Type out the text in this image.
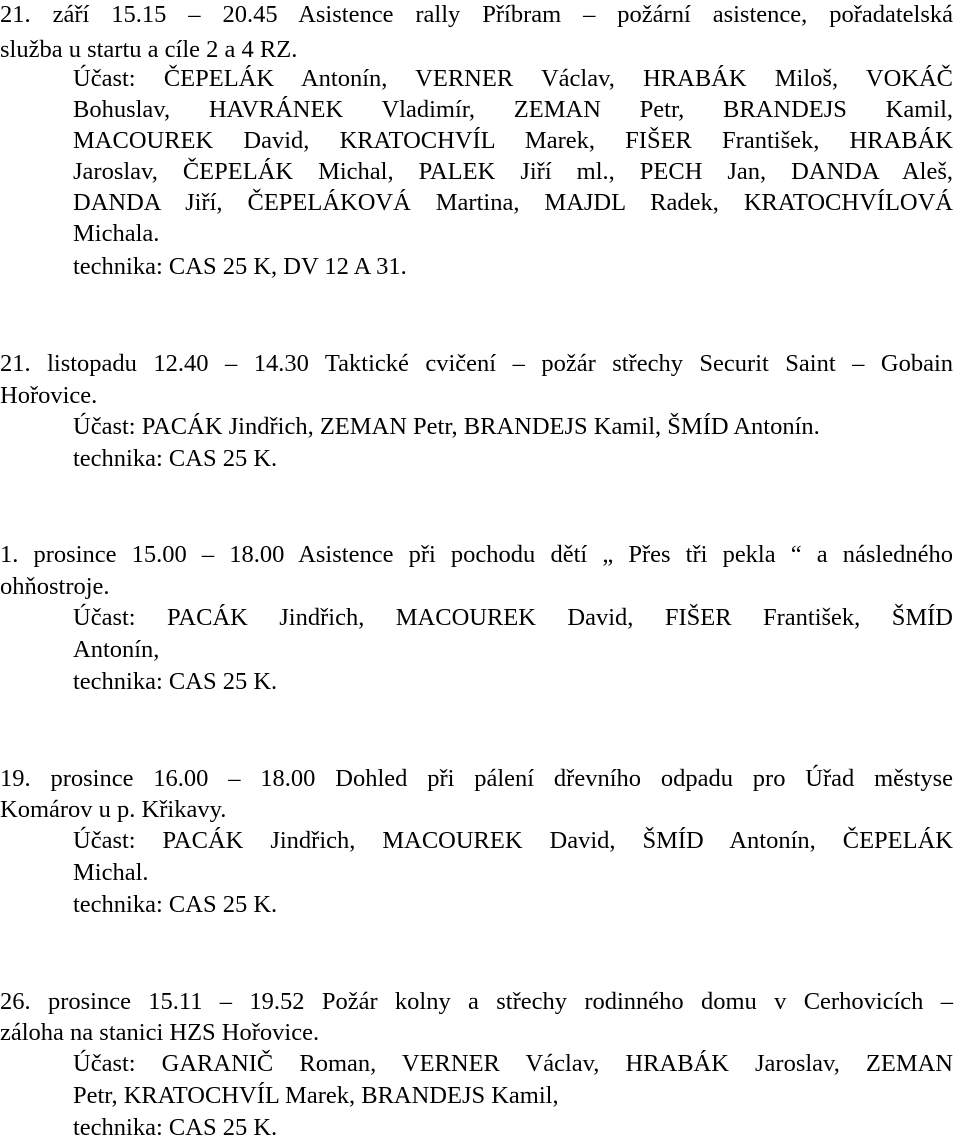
21. září 15.15 – 20.45 Asistence rally Příbram – požární asistence, pořadatelská

služba u startu a cíle 2 a 4 RZ.

Účast: ČEPELÁK Antonín, VERNER Václav, HRABÁK Miloš, VOKÁČ

Bohuslav, HAVRÁNEK Vladimír, ZEMAN Petr, BRANDEJS Kamil,

MACOUREK David, KRATOCHVÍL Marek, FIŠER František, HRABÁK

Jaroslav, ČEPELÁK Michal, PALEK Jiří ml., PECH Jan, DANDA Aleš,

DANDA Jiří, ČEPELÁKOVÁ Martina, MAJDL Radek, KRATOCHVÍLOVÁ

Michala.

technika: CAS 25 K, DV 12 A 31.

21. listopadu 12.40 – 14.30 Taktické cvičení – požár střechy Securit Saint – Gobain

Hořovice.

Účast: PACÁK Jindřich, ZEMAN Petr, BRANDEJS Kamil, ŠMÍD Antonín.

technika: CAS 25 K.

1. prosince 15.00 – 18.00 Asistence při pochodu dětí „ Přes tři pekla “ a následného

ohňostroje.

Účast: PACÁK Jindřich, MACOUREK David, FIŠER František, ŠMÍD

Antonín,

technika: CAS 25 K.

19. prosince 16.00 – 18.00 Dohled při pálení dřevního odpadu pro Úřad městyse

Komárov u p. Křikavy.

Účast: PACÁK Jindřich, MACOUREK David, ŠMÍD Antonín, ČEPELÁK

Michal.

technika: CAS 25 K.

26. prosince 15.11 – 19.52 Požár kolny a střechy rodinného domu v Cerhovicích –

záloha na stanici HZS Hořovice.

Účast: GARANIČ Roman, VERNER Václav, HRABÁK Jaroslav, ZEMAN

Petr, KRATOCHVÍL Marek, BRANDEJS Kamil,

technika: CAS 25 K.
